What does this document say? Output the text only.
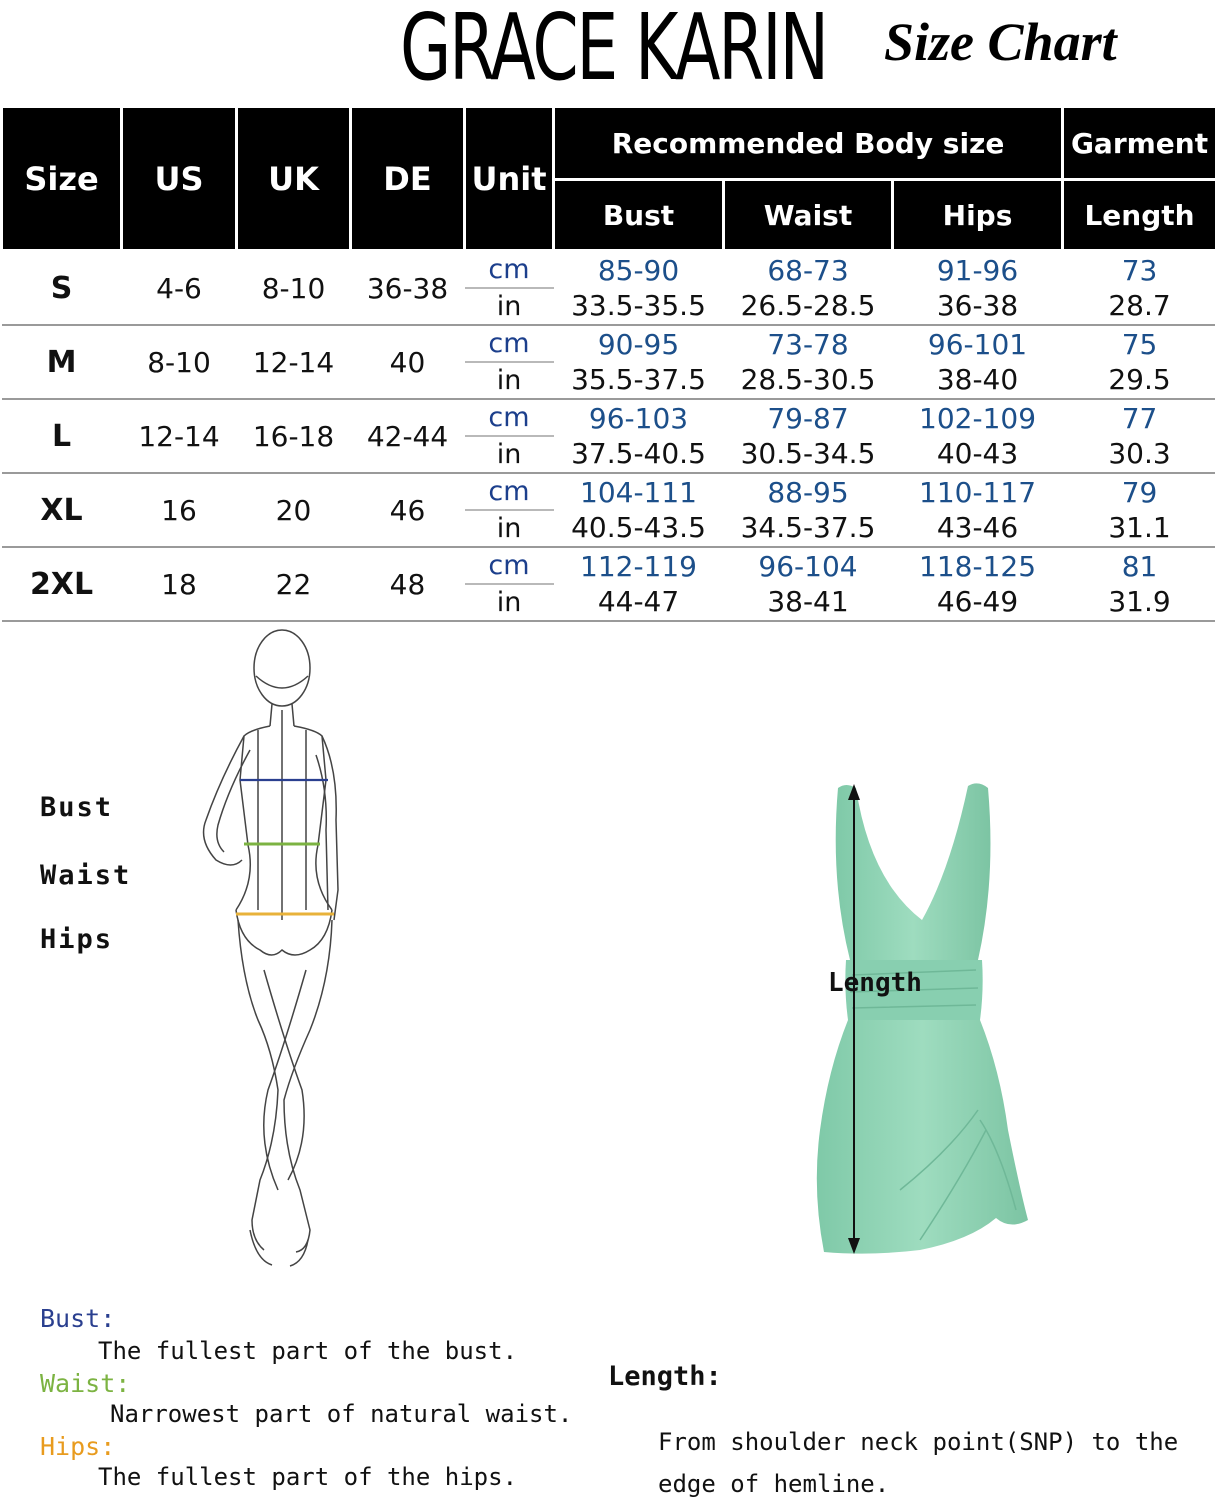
GRACE KARIN Size Chart
Size	US	UK	DE	Unit	Recommended Body size			Garment
					Bust	Waist	Hips	Length
S	4-6	8-10	36-38	cm	85-90	68-73	91-96	73
				in	33.5-35.5	26.5-28.5	36-38	28.7
M	8-10	12-14	40	cm	90-95	73-78	96-101	75
				in	35.5-37.5	28.5-30.5	38-40	29.5
L	12-14	16-18	42-44	cm	96-103	79-87	102-109	77
				in	37.5-40.5	30.5-34.5	40-43	30.3
XL	16	20	46	cm	104-111	88-95	110-117	79
				in	40.5-43.5	34.5-37.5	43-46	31.1
2XL	18	22	48	cm	112-119	96-104	118-125	81
				in	44-47	38-41	46-49	31.9
Bust
Waist
Hips
Length
Bust:
The fullest part of the bust.
Waist:
Narrowest part of natural waist.
Hips:
The fullest part of the hips.
Length:
From shoulder neck point(SNP) to the
edge of hemline.
